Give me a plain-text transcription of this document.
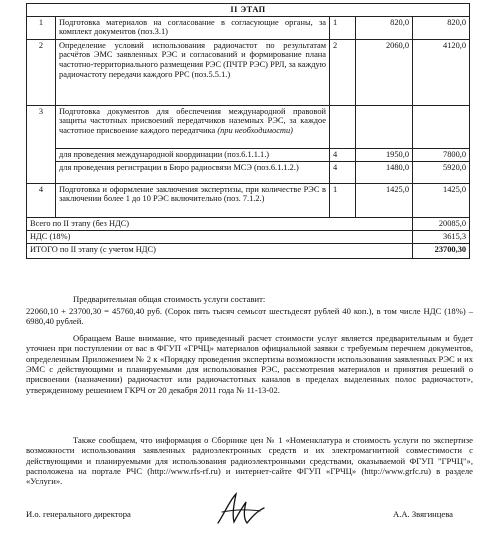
II ЭТАП				
1	Подготовка материалов на согласование в согласующие органы, за комплект документов (поз.3.1)	1	820,0	820,0
2	Определение условий использования радиочастот по результатам расчётов ЭМС заявленных РЭС и согласований и формирование плана частотно-территориального размещения РЭС (ПЧТР РЭС) РРЛ, за каждую радиочастоту передачи каждого РРС (поз.5.5.1.)	2	2060,0	4120,0
3	Подготовка документов для обеспечения международной правовой защиты частотных присвоений передатчиков наземных РЭС, за каждое частотное присвоение каждого передатчика (при необходимости)			
	для проведения международной координации (поз.6.1.1.1.)	4	1950,0	7800,0
	для проведения регистрации в Бюро радиосвязи МСЭ (поз.6.1.1.2.)	4	1480,0	5920,0
4	Подготовка и оформление заключения экспертизы, при количестве РЭС в заключении более 1 до 10 РЭС включительно (поз. 7.1.2.)	1	1425,0	1425,0
Всего по II этапу (без НДС)				20085,0
НДС (18%)				3615,3
ИТОГО по II этапу (с учетом НДС)				23700,30
Предварительная общая стоимость услуги составит:
22060,10 + 23700,30 = 45760,40 руб. (Сорок пять тысяч семьсот шестьдесят рублей 40 коп.), в том числе НДС (18%) – 6980,40 рублей.
Обращаем Ваше внимание, что приведенный расчет стоимости услуг является предварительным и будет уточнен при поступлении от вас в ФГУП «ГРЧЦ» материалов официальной заявки с требуемым перечнем документов, определенным Приложением № 2 к «Порядку проведения экспертизы возможности использования заявленных РЭС и их ЭМС с действующими и планируемыми для использования РЭС, рассмотрения материалов и принятия решений о присвоении (назначении) радиочастот или радиочастотных каналов в пределах выделенных полос радиочастот», утвержденному решением ГКРЧ от 20 декабря 2011 года № 11-13-02.
Также сообщаем, что информация о Сборнике цен № 1 «Номенклатура и стоимость услуги по экспертизе возможности использования заявленных радиоэлектронных средств и их электромагнитной совместимости с действующими и планируемыми для использования радиоэлектронными средствами, оказываемой ФГУП "ГРЧЦ"», расположена на портале РЧС (http://www.rfs-rf.ru) и интернет-сайте ФГУП «ГРЧЦ» (http://www.grfc.ru) в разделе «Услуги».
И.о. генерального директора	А.А. Звягинцева
